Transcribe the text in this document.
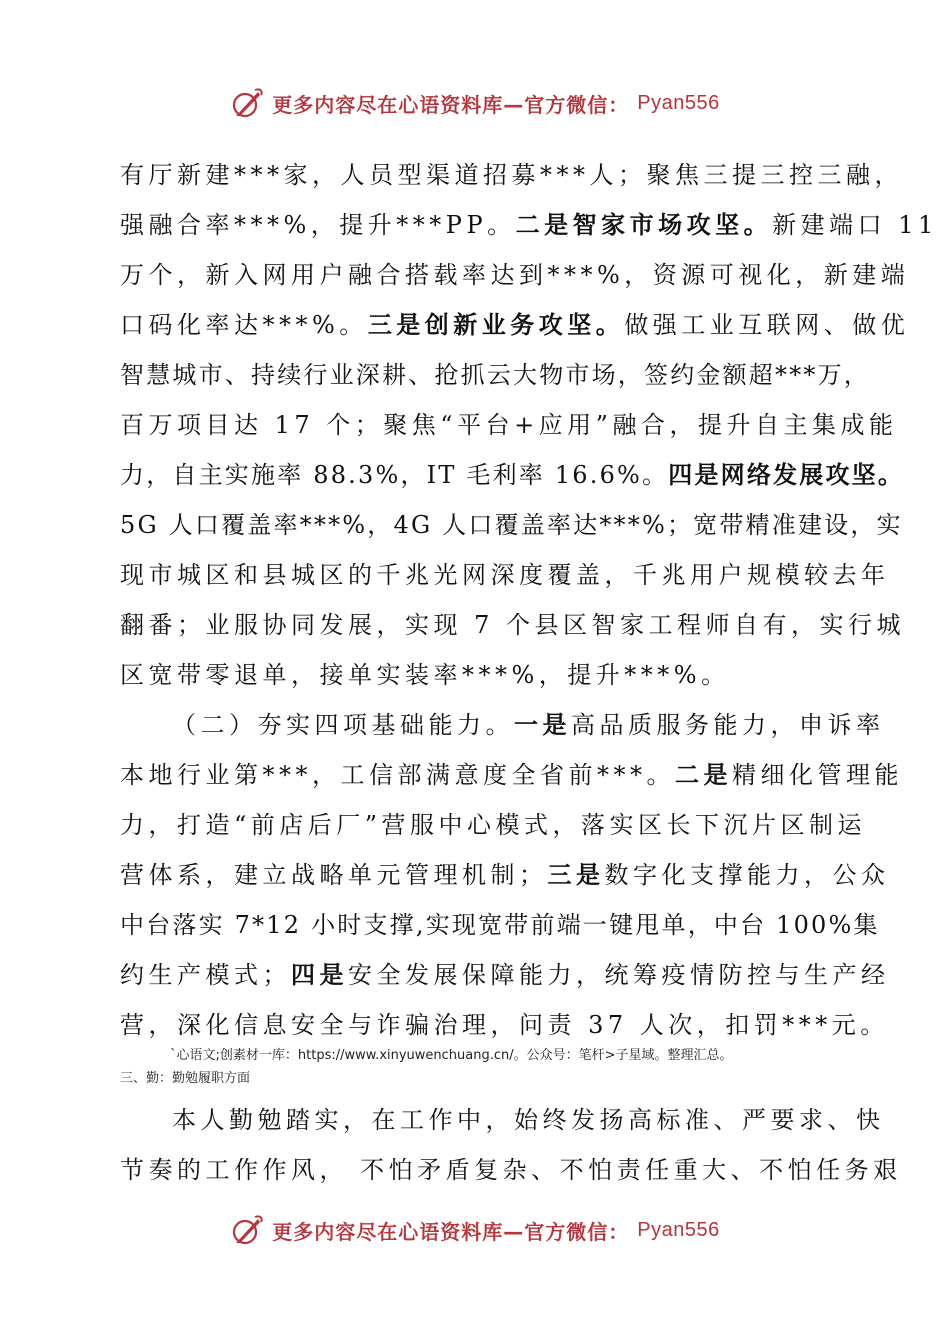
更多内容尽在心语资料库—官方微信： Pyan556
有厅新建***家，人员型渠道招募***人；聚焦三提三控三融，
强融合率***%，提升***PP。二是智家市场攻坚。新建端口 11
万个，新入网用户融合搭载率达到***%，资源可视化，新建端
口码化率达***%。三是创新业务攻坚。做强工业互联网、做优
智慧城市、持续行业深耕、抢抓云大物市场，签约金额超***万，
百万项目达 17 个；聚焦“平台+应用”融合，提升自主集成能
力，自主实施率 88.3%，IT 毛利率 16.6%。四是网络发展攻坚。
5G 人口覆盖率***%，4G 人口覆盖率达***%；宽带精准建设，实
现市城区和县城区的千兆光网深度覆盖，千兆用户规模较去年
翻番；业服协同发展，实现 7 个县区智家工程师自有，实行城
区宽带零退单，接单实装率***%，提升***%。
（二）夯实四项基础能力。一是高品质服务能力，申诉率
本地行业第***，工信部满意度全省前***。二是精细化管理能
力，打造“前店后厂”营服中心模式，落实区长下沉片区制运
营体系，建立战略单元管理机制；三是数字化支撑能力，公众
中台落实 7*12 小时支撑,实现宽带前端一键甩单，中台 100%集
约生产模式；四是安全发展保障能力，统筹疫情防控与生产经
营，深化信息安全与诈骗治理，问责 37 人次，扣罚***元。
`心语文;创素材一库：https://www.xinyuwenchuang.cn/。公众号：笔杆>子星域。整理汇总。
三、勤：勤勉履职方面
本人勤勉踏实，在工作中，始终发扬高标准、严要求、快
节奏的工作作风， 不怕矛盾复杂、不怕责任重大、不怕任务艰
更多内容尽在心语资料库—官方微信： Pyan556
